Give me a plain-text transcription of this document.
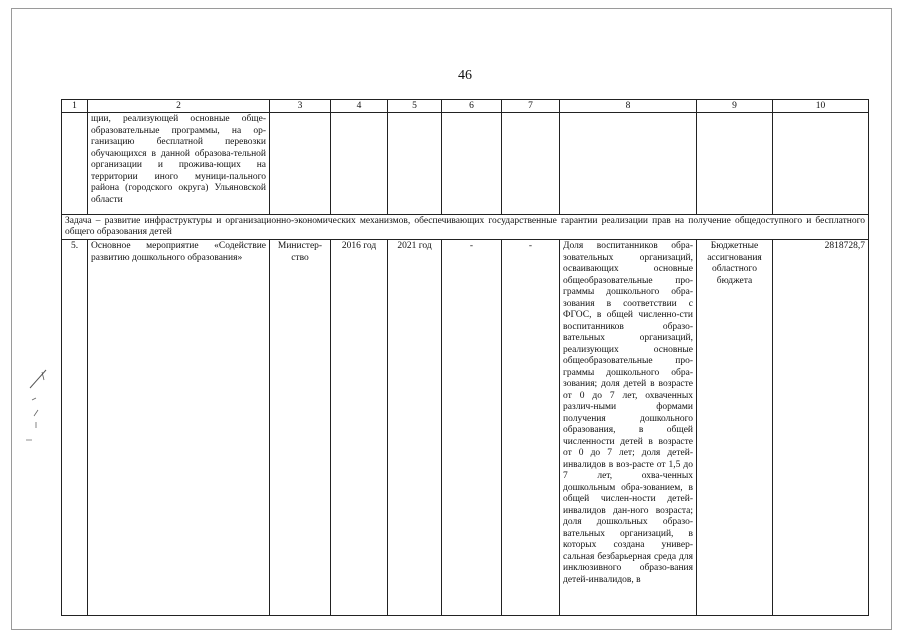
46
1	2	3	4	5	6	7	8	9	10
	щии, реализующей основные обще-образовательные программы, на ор-ганизацию бесплатной перевозки обучающихся в данной образова-тельной организации и прожива-ющих на территории иного муници-пального района (городского округа) Ульяновской области								
Задача – развитие инфраструктуры и организационно-экономических механизмов, обеспечивающих государственные гарантии реализации прав на получение общедоступного и бесплатного общего образования детей									
5.	Основное мероприятие «Содействие развитию дошкольного образования»	Министер-ство	2016 год	2021 год	-	-	Доля воспитанников обра-зовательных организаций, осваивающих основные общеобразовательные про-граммы дошкольного обра-зования в соответствии с ФГОС, в общей численно-сти воспитанников образо-вательных организаций, реализующих основные общеобразовательные про-граммы дошкольного обра-зования; доля детей в возрасте от 0 до 7 лет, охваченных различ-ными формами получения дошкольного образования, в общей численности детей в возрасте от 0 до 7 лет; доля детей-инвалидов в воз-расте от 1,5 до 7 лет, охва-ченных дошкольным обра-зованием, в общей числен-ности детей-инвалидов дан-ного возраста; доля дошкольных образо-вательных организаций, в которых создана универ-сальная безбарьерная среда для инклюзивного образо-вания детей-инвалидов, в	Бюджетные ассигнования областного бюджета	2818728,7
